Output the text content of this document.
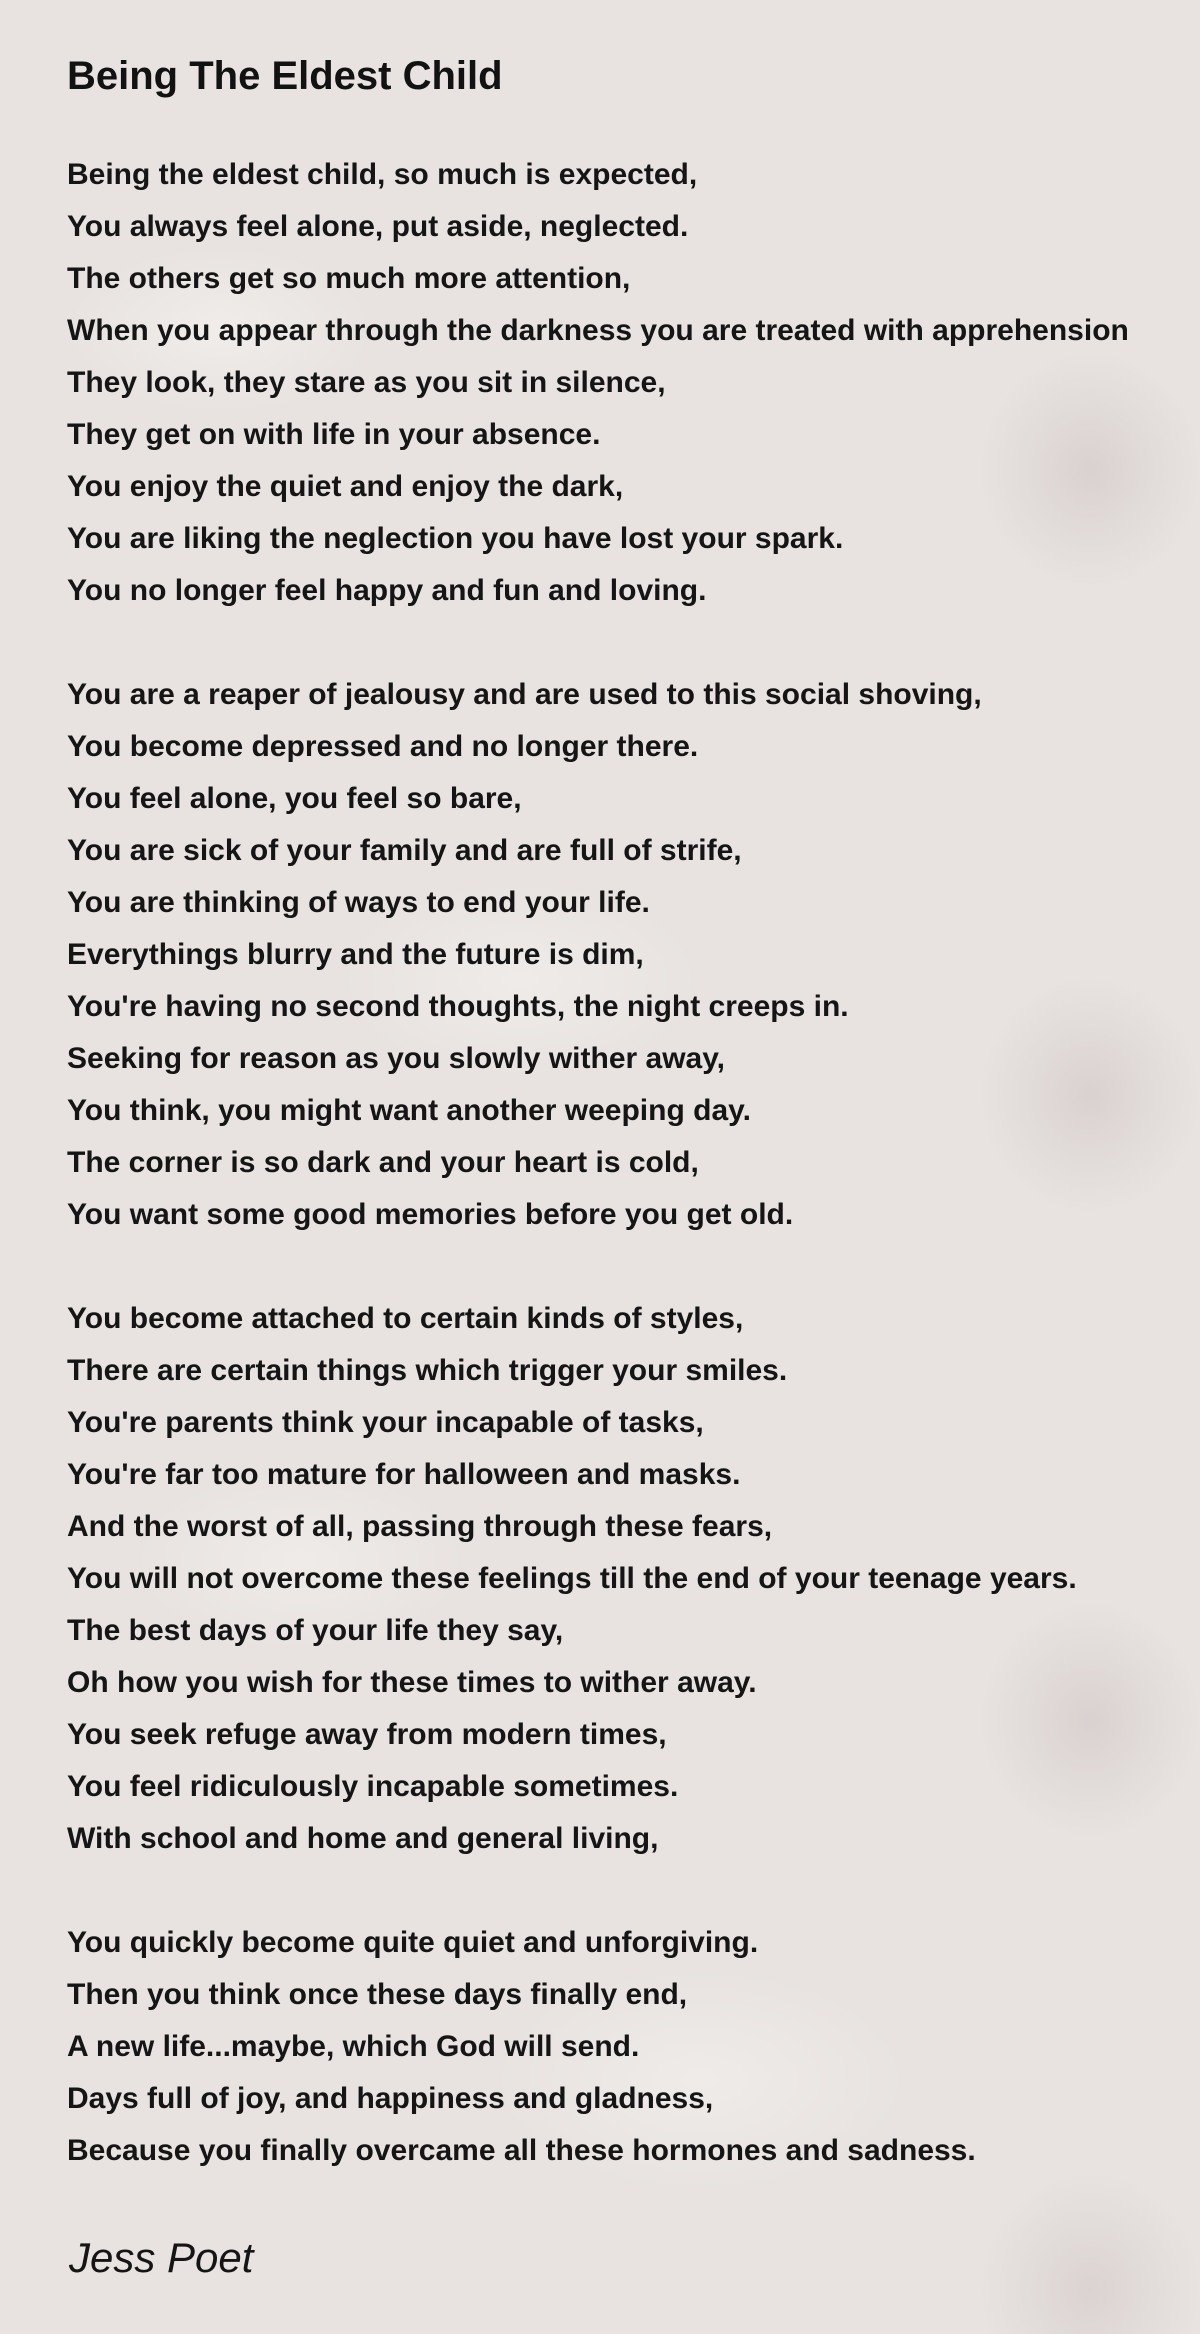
Being The Eldest Child
Being the eldest child, so much is expected,
You always feel alone, put aside, neglected.
The others get so much more attention,
When you appear through the darkness you are treated with apprehension
They look, they stare as you sit in silence,
They get on with life in your absence.
You enjoy the quiet and enjoy the dark,
You are liking the neglection you have lost your spark.
You no longer feel happy and fun and loving.
You are a reaper of jealousy and are used to this social shoving,
You become depressed and no longer there.
You feel alone, you feel so bare,
You are sick of your family and are full of strife,
You are thinking of ways to end your life.
Everythings blurry and the future is dim,
You're having no second thoughts, the night creeps in.
Seeking for reason as you slowly wither away,
You think, you might want another weeping day.
The corner is so dark and your heart is cold,
You want some good memories before you get old.
You become attached to certain kinds of styles,
There are certain things which trigger your smiles.
You're parents think your incapable of tasks,
You're far too mature for halloween and masks.
And the worst of all, passing through these fears,
You will not overcome these feelings till the end of your teenage years.
The best days of your life they say,
Oh how you wish for these times to wither away.
You seek refuge away from modern times,
You feel ridiculously incapable sometimes.
With school and home and general living,
You quickly become quite quiet and unforgiving.
Then you think once these days finally end,
A new life...maybe, which God will send.
Days full of joy, and happiness and gladness,
Because you finally overcame all these hormones and sadness.
Jess Poet
